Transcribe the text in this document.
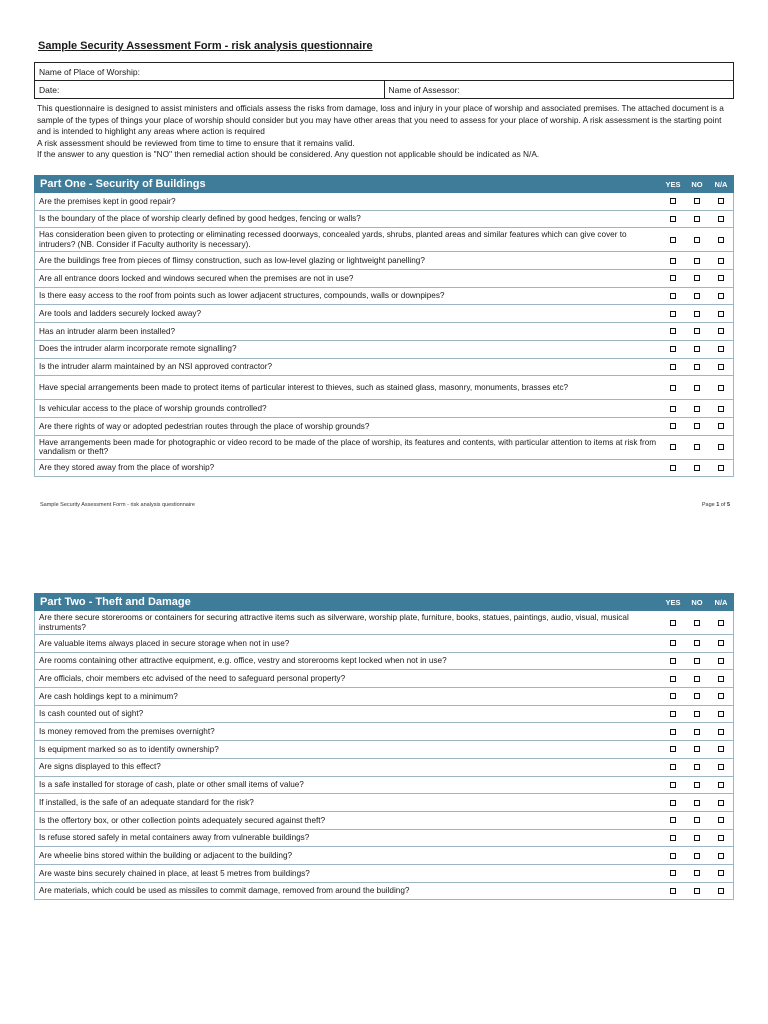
Sample Security Assessment Form - risk analysis questionnaire
Name of Place of Worship:
Date:	Name of Assessor:
This questionnaire is designed to assist ministers and officials assess the risks from damage, loss and injury in your place of worship and associated premises. The attached document is a sample of the types of things your place of worship should consider but you may have other areas that you need to assess for your place of worship. A risk assessment is the starting point and is intended to highlight any areas where action is required
A risk assessment should be reviewed from time to time to ensure that it remains valid.
If the answer to any question is "NO" then remedial action should be considered. Any question not applicable should be indicated as N/A.
Part One - Security of Buildings	YES	NO	N/A
Are the premises kept in good repair?
Is the boundary of the place of worship clearly defined by good hedges, fencing or walls?
Has consideration been given to protecting or eliminating recessed doorways, concealed yards, shrubs, planted areas and similar features which can give cover to intruders? (NB. Consider if Faculty authority is necessary).
Are the buildings free from pieces of flimsy construction, such as low-level glazing or lightweight panelling?
Are all entrance doors locked and windows secured when the premises are not in use?
Is there easy access to the roof from points such as lower adjacent structures, compounds, walls or downpipes?
Are tools and ladders securely locked away?
Has an intruder alarm been installed?
Does the intruder alarm incorporate remote signalling?
Is the intruder alarm maintained by an NSI approved contractor?
Have special arrangements been made to protect items of particular interest to thieves, such as stained glass, masonry, monuments, brasses etc?
Is vehicular access to the place of worship grounds controlled?
Are there rights of way or adopted pedestrian routes through the place of worship grounds?
Have arrangements been made for photographic or video record to be made of the place of worship, its features and contents, with particular attention to items at risk from vandalism or theft?
Are they stored away from the place of worship?
Sample Security Assessment Form - risk analysis questionnaire	Page 1 of 5
Part Two - Theft and Damage	YES	NO	N/A
Are there secure storerooms or containers for securing attractive items such as silverware, worship plate, furniture, books, statues, paintings, audio, visual, musical instruments?
Are valuable items always placed in secure storage when not in use?
Are rooms containing other attractive equipment, e.g. office, vestry and storerooms kept locked when not in use?
Are officials, choir members etc advised of the need to safeguard personal property?
Are cash holdings kept to a minimum?
Is cash counted out of sight?
Is money removed from the premises overnight?
Is equipment marked so as to identify ownership?
Are signs displayed to this effect?
Is a safe installed for storage of cash, plate or other small items of value?
If installed, is the safe of an adequate standard for the risk?
Is the offertory box, or other collection points adequately secured against theft?
Is refuse stored safely in metal containers away from vulnerable buildings?
Are wheelie bins stored within the building or adjacent to the building?
Are waste bins securely chained in place, at least 5 metres from buildings?
Are materials, which could be used as missiles to commit damage, removed from around the building?
